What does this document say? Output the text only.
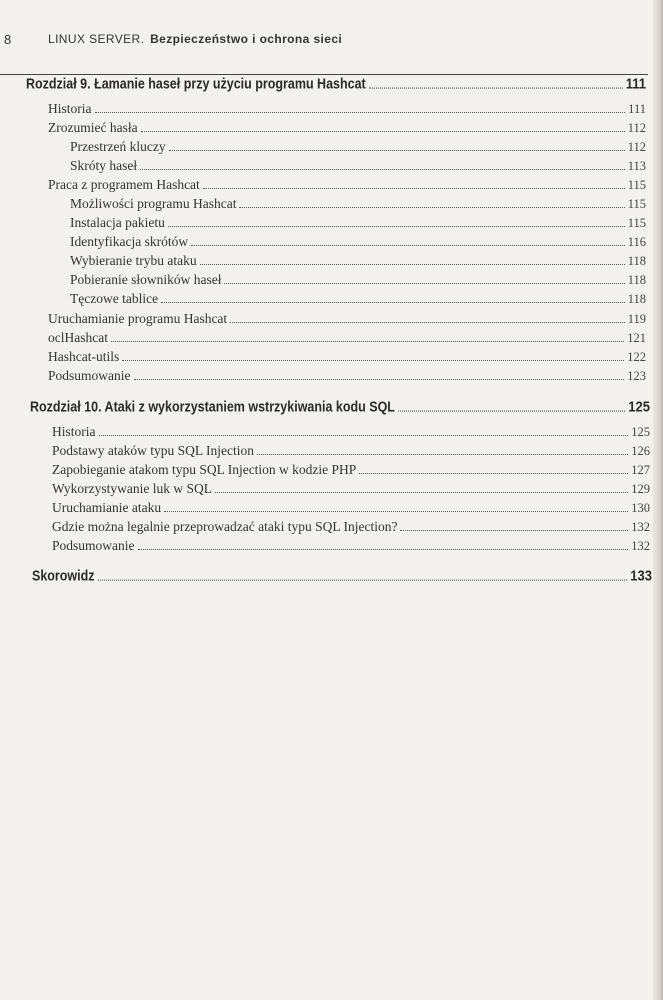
8	LINUX SERVER. Bezpieczeństwo i ochrona sieci
Rozdział 9. Łamanie haseł przy użyciu programu Hashcat	111
Historia	111
Zrozumieć hasła	112
Przestrzeń kluczy	112
Skróty haseł	113
Praca z programem Hashcat	115
Możliwości programu Hashcat	115
Instalacja pakietu	115
Identyfikacja skrótów	116
Wybieranie trybu ataku	118
Pobieranie słowników haseł	118
Tęczowe tablice	118
Uruchamianie programu Hashcat	119
oclHashcat	121
Hashcat-utils	122
Podsumowanie	123
Rozdział 10. Ataki z wykorzystaniem wstrzykiwania kodu SQL	125
Historia	125
Podstawy ataków typu SQL Injection	126
Zapobieganie atakom typu SQL Injection w kodzie PHP	127
Wykorzystywanie luk w SQL	129
Uruchamianie ataku	130
Gdzie można legalnie przeprowadzać ataki typu SQL Injection?	132
Podsumowanie	132
Skorowidz	133
